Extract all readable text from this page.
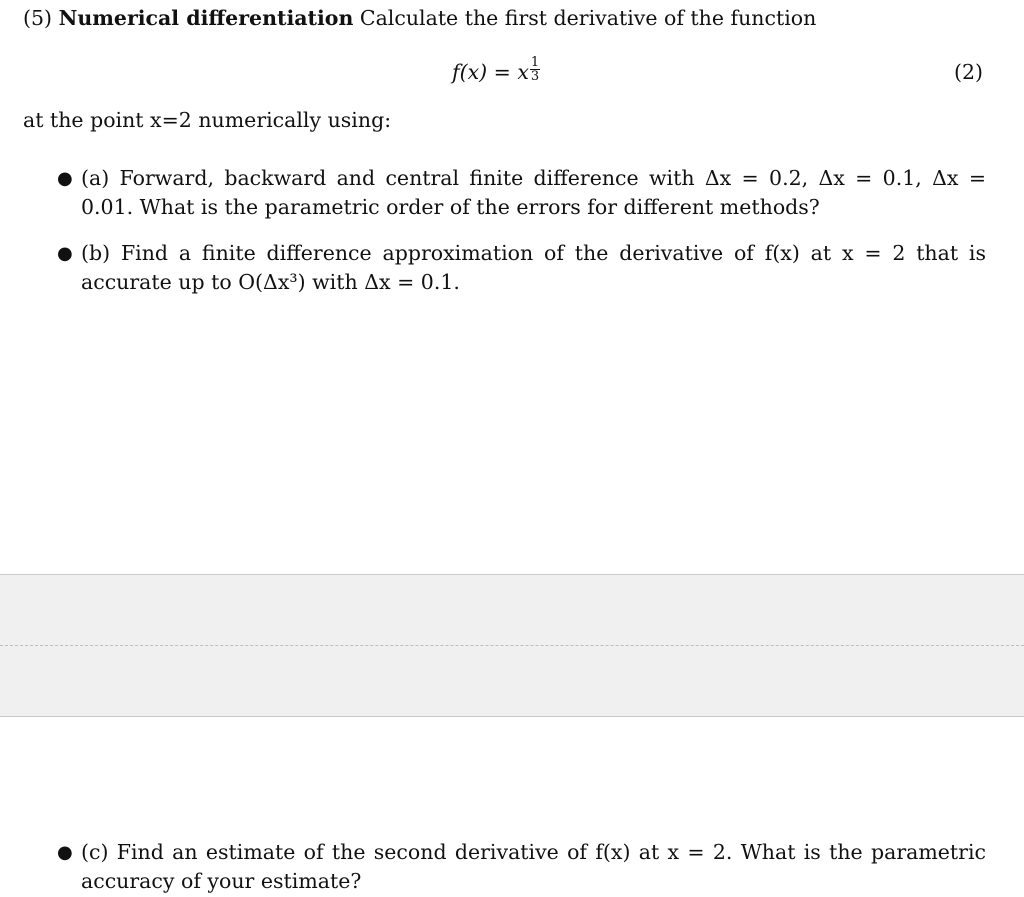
(5) Numerical differentiation Calculate the first derivative of the function
f(x) = x $\frac{1}{3}$	(2)
at the point x=2 numerically using:
● (a) Forward, backward and central finite difference with Δx = 0.2, Δx = 0.1, Δx = 0.01. What is the parametric order of the errors for different methods?
● (b) Find a finite difference approximation of the derivative of f(x) at x = 2 that is accurate up to O(Δx³) with Δx = 0.1.
● (c) Find an estimate of the second derivative of f(x) at x = 2. What is the parametric accuracy of your estimate?
